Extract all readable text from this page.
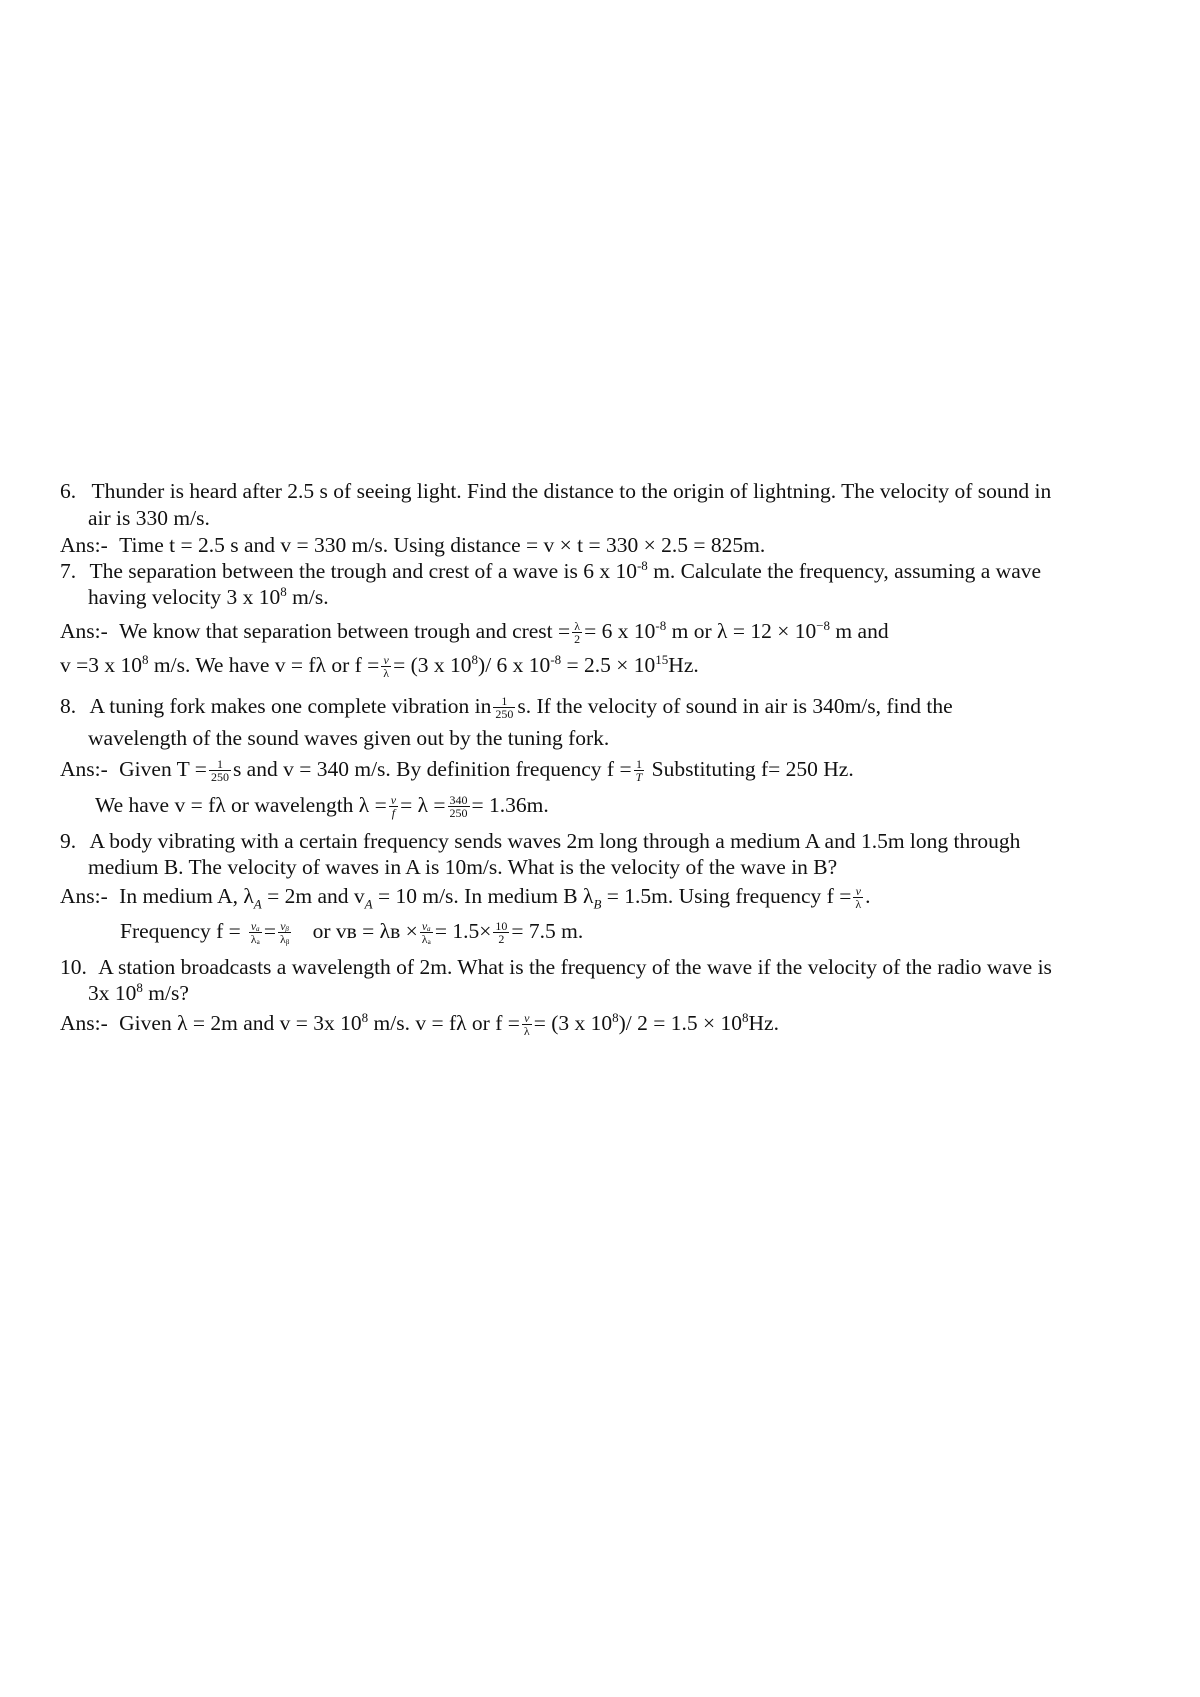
6. Thunder is heard after 2.5 s of seeing light. Find the distance to the origin of lightning. The velocity of sound in
air is 330 m/s.
Ans:- Time t = 2.5 s and v = 330 m/s. Using distance = v × t = 330 × 2.5 = 825m.
7. The separation between the trough and crest of a wave is 6 x $10^{-8}$ m. Calculate the frequency, assuming a wave
having velocity 3 x $10^8$ m/s.
Ans:- We know that separation between trough and crest = $\frac{\lambda}{2} = 6$ x $10^{-8}$ m or $\lambda = 12 \times 10^{-8}$ m and
v =3 x $10^8$ m/s. We have v = fλ or $f = \frac{v}{\lambda} = (3$ x $10^8)/$ 6 x $10^{-8} = 2.5 \times 10^{15}Hz$.
8. A tuning fork makes one complete vibration in $\frac{1}{250} s$. If the velocity of sound in air is 340m/s, find the
wavelength of the sound waves given out by the tuning fork.
Ans:- Given $T = \frac{1}{250}$ s and v = 340 m/s. By definition frequency $f = \frac{1}{T}$ Substituting f= 250 Hz.
We have v = fλ or wavelength $\lambda = \frac{v}{f} = \lambda = \frac{340}{250} = 1.36m$.
9. A body vibrating with a certain frequency sends waves 2m long through a medium A and 1.5m long through
medium B. The velocity of waves in A is 10m/s. What is the velocity of the wave in B?
Ans:- In medium A, $\lambda_A = 2m$ and $v_A = 10$ m/s. In medium B $\lambda_B = 1.5m$. Using frequency $f = \frac{v}{\lambda}$ .
Frequency $f = \frac{\text{vₐ}}{\text{λₐ}} = \frac{\text{vᵦ}}{\text{λᵦ}}$ or vʙ = λʙ × $\frac{\text{vₐ}}{\text{λₐ}} = 1.5\times \frac{10}{2} = 7.5$ m.
10. A station broadcasts a wavelength of 2m. What is the frequency of the wave if the velocity of the radio wave is
3x $10^8$ m/s?
Ans:- Given λ = 2m and v = 3x $10^8$ m/s. v = fλ or $f = \frac{v}{\lambda} = (3$ x $10^8)/$ $2 = 1.5 \times 10^8Hz$.
